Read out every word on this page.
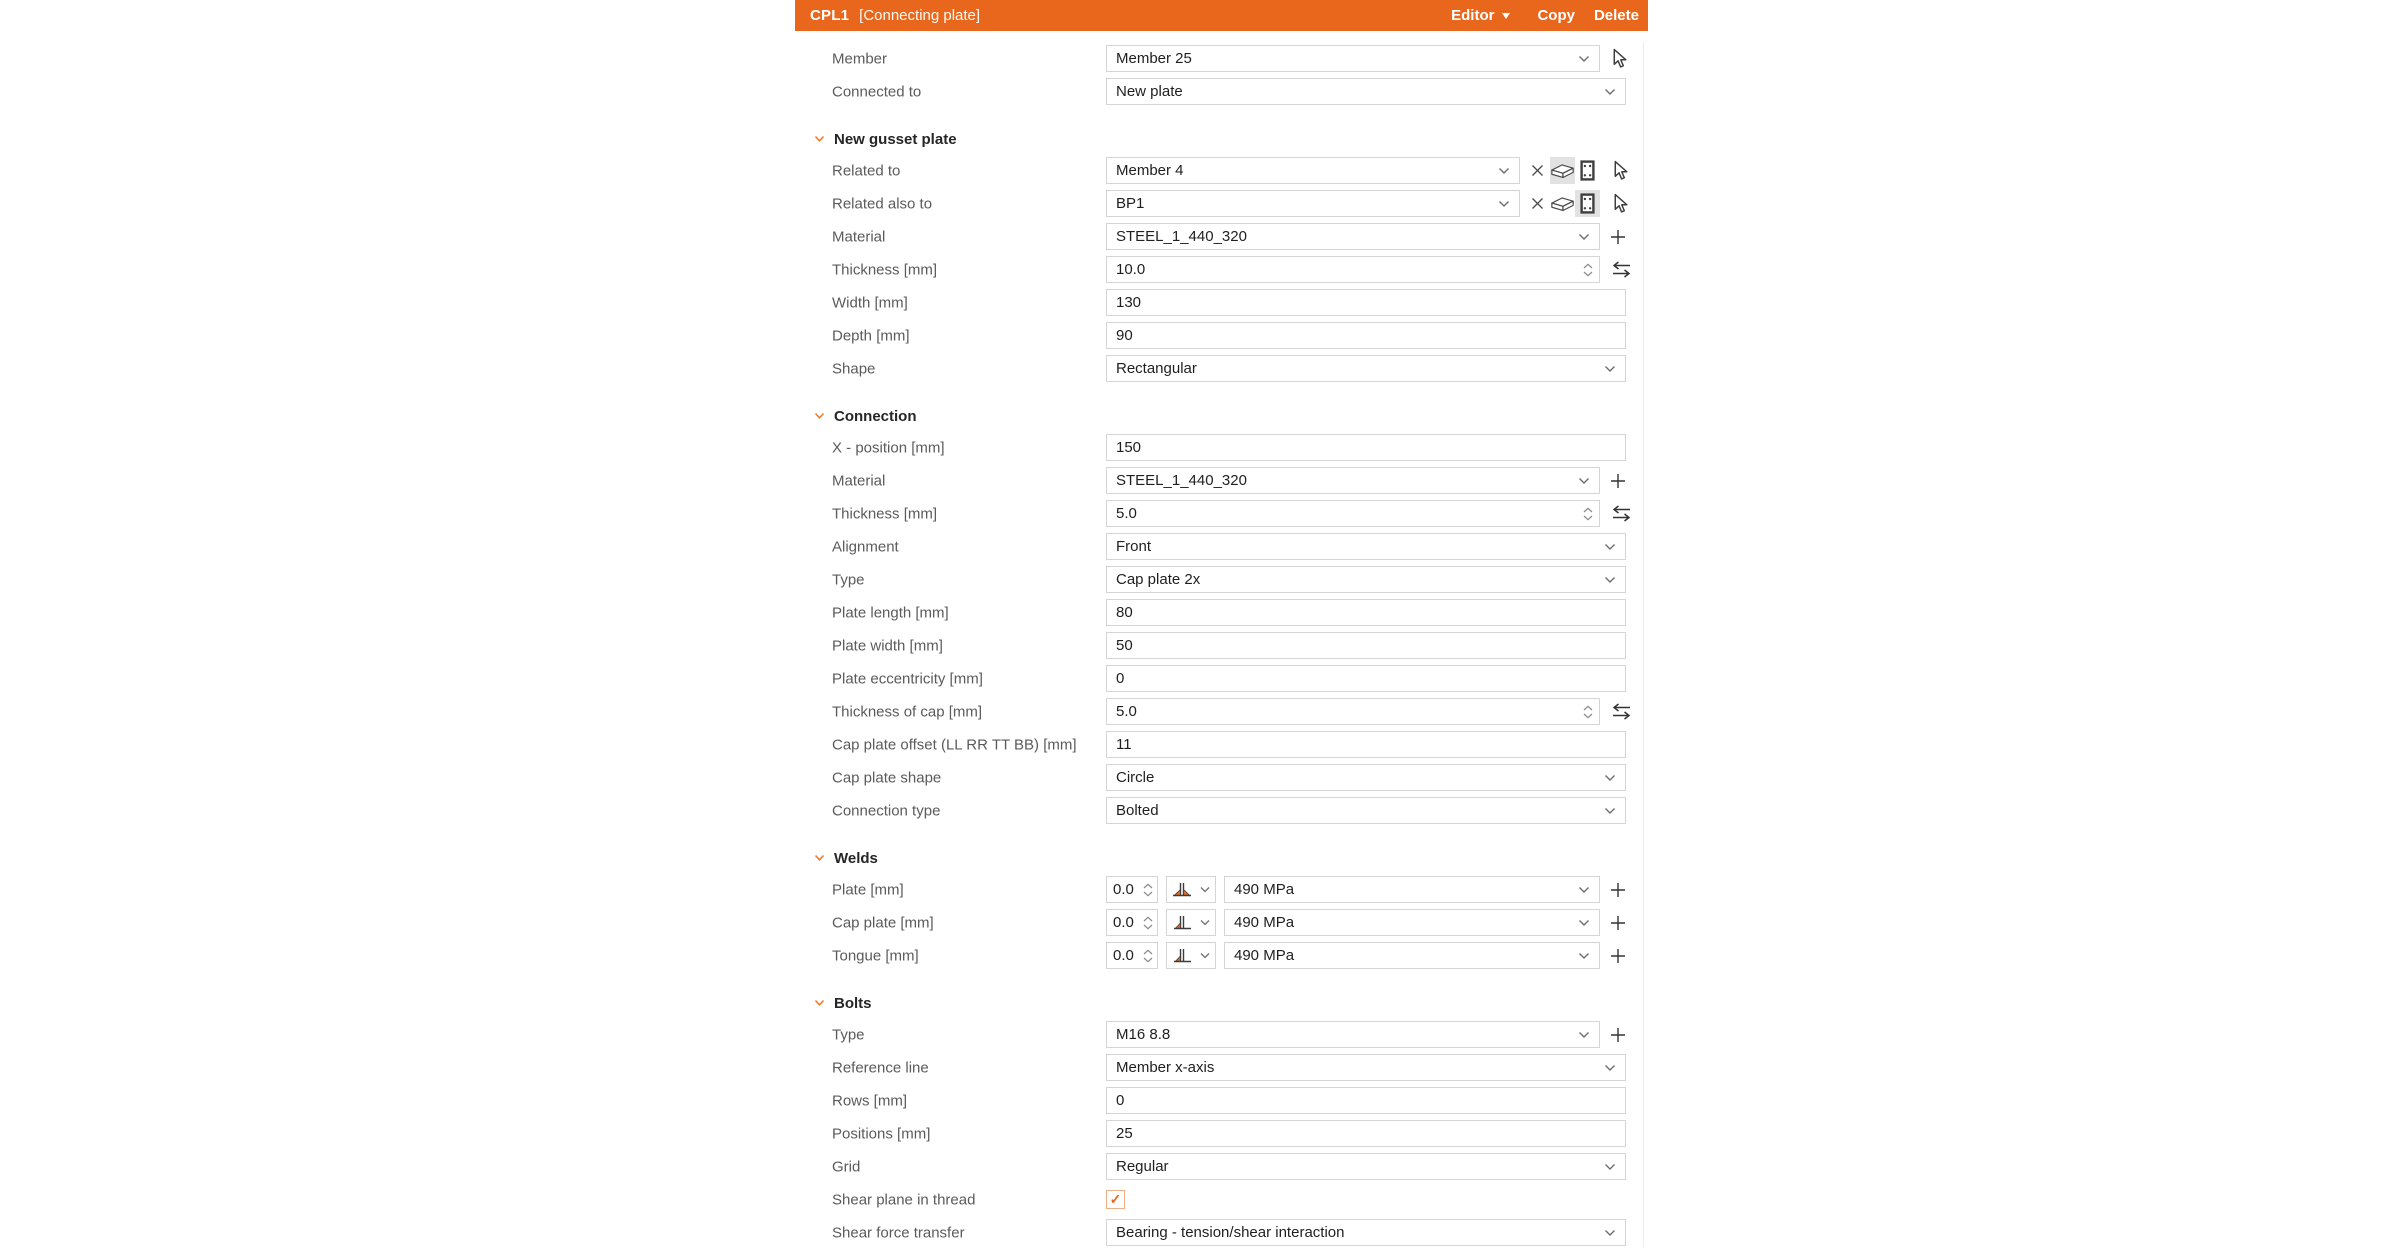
CPL1 [Connecting plate]	Editor	Copy Delete
Member	Member 25
Connected to	New plate
New gusset plate
Related to	Member 4
Related also to	BP1
Material	STEEL_1_440_320
Thickness [mm]	10.0
Width [mm]	130
Depth [mm]	90
Shape	Rectangular
Connection
X - position [mm]	150
Material	STEEL_1_440_320
Thickness [mm]	5.0
Alignment	Front
Type	Cap plate 2x
Plate length [mm]	80
Plate width [mm]	50
Plate eccentricity [mm]	0
Thickness of cap [mm]	5.0
Cap plate offset (LL RR TT BB) [mm]	11
Cap plate shape	Circle
Connection type	Bolted
Welds
Plate [mm]	0.0	490 MPa
Cap plate [mm]	0.0	490 MPa
Tongue [mm]	0.0	490 MPa
Bolts
Type	M16 8.8
Reference line	Member x-axis
Rows [mm]	0
Positions [mm]	25
Grid	Regular
Shear plane in thread	✓
Shear force transfer	Bearing - tension/shear interaction
